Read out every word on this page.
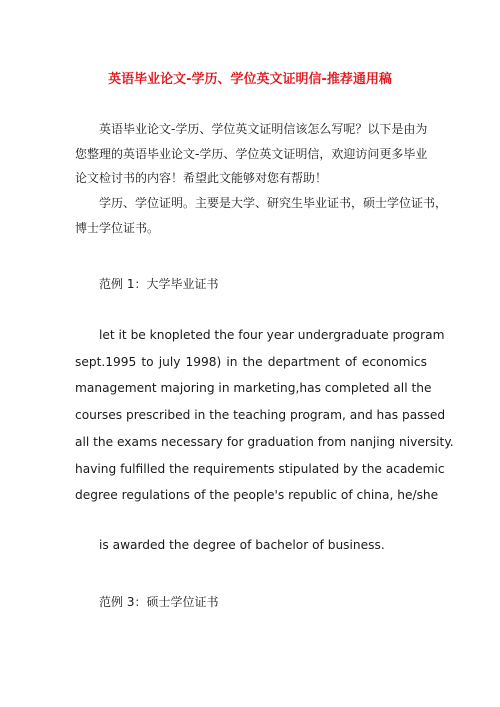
英语毕业论文-学历、学位英文证明信-推荐通用稿
英语毕业论文-学历、学位英文证明信该怎么写呢？以下是由为
您整理的英语毕业论文-学历、学位英文证明信，欢迎访问更多毕业
论文检讨书的内容！希望此文能够对您有帮助！
学历、学位证明。主要是大学、研究生毕业证书，硕士学位证书，
博士学位证书。
范例 1：大学毕业证书
let it be knopleted the four year undergraduate program
sept.1995 to july 1998) in the department of economics
management majoring in marketing,has completed all the
courses prescribed in the teaching program, and has passed
all the exams necessary for graduation from nanjing niversity.
having fulfilled the requirements stipulated by the academic
degree regulations of the people's republic of china, he/she
is awarded the degree of bachelor of business.
范例 3：硕士学位证书
